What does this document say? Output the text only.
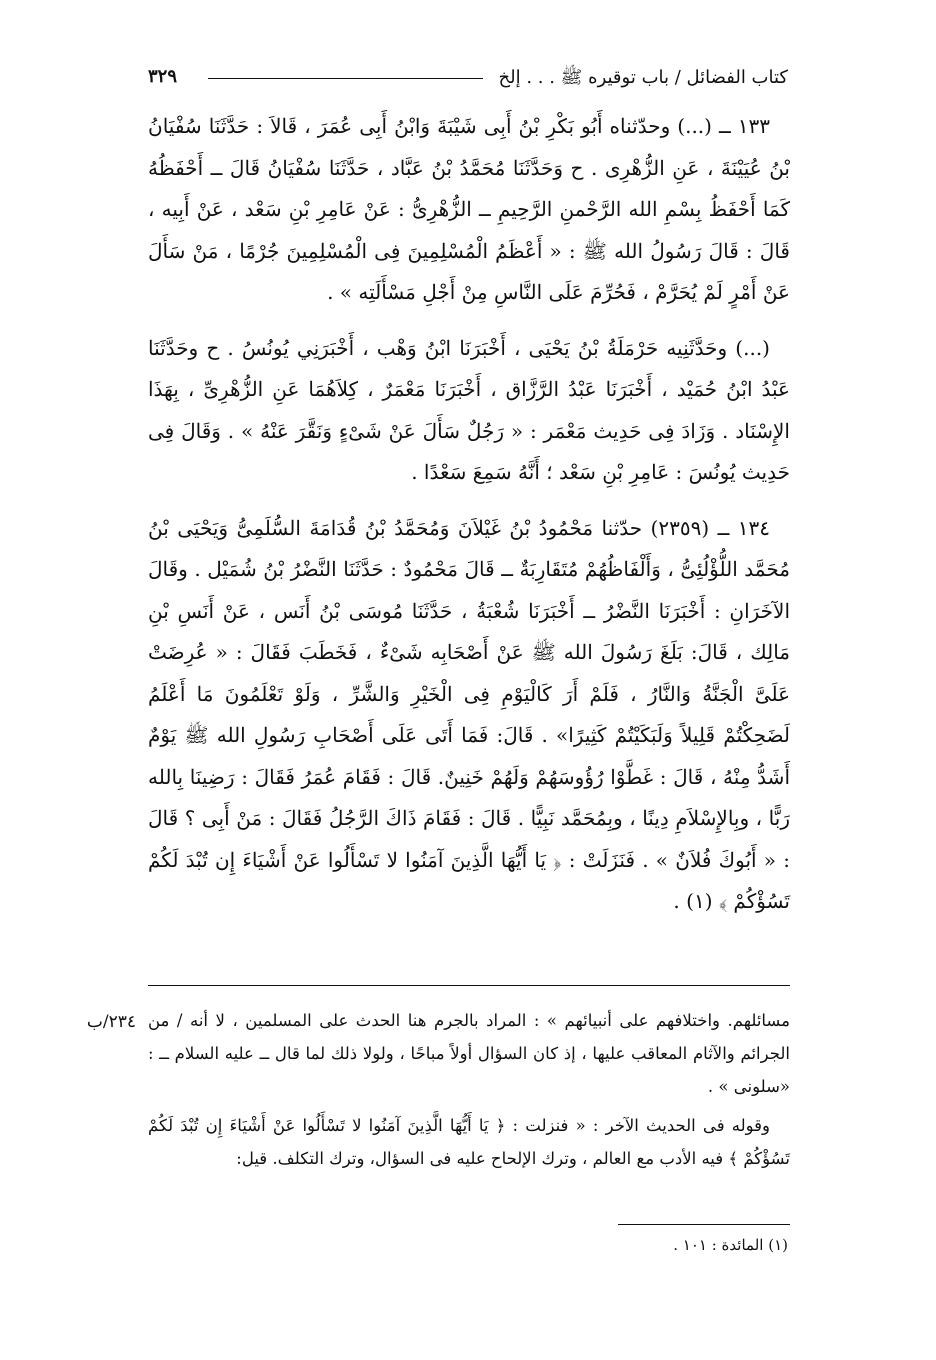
كتاب الفضائل / باب توقيره ﷺ . . . إلخ
٣٢٩

١٣٣ ــ (...) وحدّثناه أَبُو بَكْرِ بْنُ أَبِى شَيْبَةَ وَابْنُ أَبِى عُمَرَ ، قَالاَ : حَدَّثَنَا سُفْيَانُ بْنُ عُيَيْنَةَ ، عَنِ الزُّهْرِى . ح وَحَدَّثَنَا مُحَمَّدُ بْنُ عَبَّاد ، حَدَّثَنَا سُفْيَانُ قَالَ ــ أَحْفَظُهُ كَمَا أَحْفَظُ بِسْمِ الله الرَّحْمنِ الرَّحِيمِ ــ الزُّهْرِىُّ : عَنْ عَامِرِ بْنِ سَعْد ، عَنْ أَبِيه ، قَالَ : قَالَ رَسُولُ الله ﷺ : « أَعْظَمُ الْمُسْلِمِينَ فِى الْمُسْلِمِينَ جُرْمًا ، مَنْ سَأَلَ عَنْ أَمْرٍ لَمْ يُحَرَّمْ ، فَحُرِّمَ عَلَى النَّاسِ مِنْ أَجْلِ مَسْأَلَتِه » .

(...) وحَدَّثَنِيه حَرْمَلَةُ بْنُ يَحْيَى ، أَخْبَرَنَا ابْنُ وَهْب ، أَخْبَرَنِي يُونُسُ . ح وحَدَّثَنَا عَبْدُ ابْنُ حُمَيْد ، أَخْبَرَنَا عَبْدُ الرَّزَّاق ، أَخْبَرَنَا مَعْمَرٌ ، كِلاَهُمَا عَنِ الزُّهْرِىِّ ، بِهَذَا الإِسْنَاد . وَزَادَ فِى حَدِيث مَعْمَر : « رَجُلٌ سَأَلَ عَنْ شَىْءٍ وَنَقَّرَ عَنْهُ » . وَقَالَ فِى حَدِيث يُونُسَ : عَامِرِ بْنِ سَعْد ؛ أَنَّهُ سَمِعَ سَعْدًا .

١٣٤ ــ (٢٣٥٩) حدّثنا مَحْمُودُ بْنُ غَيْلاَنَ وَمُحَمَّدُ بْنُ قُدَامَةَ السُّلَمِىُّ وَيَحْيَى بْنُ مُحَمَّد اللُّؤْلُئِىُّ ، وَأَلْفَاظُهُمْ مُتَقَارِبَةٌ ــ قَالَ مَحْمُودٌ : حَدَّثَنَا النَّضْرُ بْنُ شُمَيْل . وقَالَ الآخَرَانِ : أَخْبَرَنَا النَّضْرُ ــ أَخْبَرَنَا شُعْبَةُ ، حَدَّثَنَا مُوسَى بْنُ أَنَس ، عَنْ أَنَسِ بْنِ مَالِك ، قَالَ: بَلَغَ رَسُولَ الله ﷺ عَنْ أَصْحَابِه شَىْءٌ ، فَخَطَبَ فَقَالَ : « عُرِضَتْ عَلَىَّ الْجَنَّةُ وَالنَّارُ ، فَلَمْ أَرَ كَالْيَوْمِ فِى الْخَيْرِ وَالشَّرِّ ، وَلَوْ تَعْلَمُونَ مَا أَعْلَمُ لَضَحِكْتُمْ قَلِيلاً وَلَبَكَيْتُمْ كَثِيرًا» . قَالَ: فَمَا أَتَى عَلَى أَصْحَابِ رَسُولِ الله ﷺ يَوْمٌ أَشَدُّ مِنْهُ ، قَالَ : غَطَّوْا رُؤُوسَهُمْ وَلَهُمْ خَنِينٌ. قَالَ : فَقَامَ عُمَرُ فَقَالَ : رَضِينَا بِالله رَبًّا ، وبِالإِسْلاَمِ دِينًا ، وبِمُحَمَّد نَبِيًّا . قَالَ : فَقَامَ ذَاكَ الرَّجُلُ فَقَالَ : مَنْ أَبِى ؟ قَالَ : « أَبُوكَ فُلاَنٌ » . فَنَزَلَتْ : ﴿ يَا أَيُّهَا الَّذِينَ آمَنُوا لا تَسْأَلُوا عَنْ أَشْيَاءَ إِن تُبْدَ لَكُمْ تَسُؤْكُمْ ﴾ (١) .

٢٣٤/ب مسائلهم. واختلافهم على أنبيائهم » : المراد بالجرم هنا الحدث على المسلمين ، لا أنه / من الجرائم والآثام المعاقب عليها ، إذ كان السؤال أولاً مباحًا ، ولولا ذلك لما قال ــ عليه السلام ــ : «سلونى » .

وقوله فى الحديث الآخر : « فنزلت : ﴿ يَا أَيُّهَا الَّذِينَ آمَنُوا لا تَسْأَلُوا عَنْ أَشْيَاءَ إِن تُبْدَ لَكُمْ تَسُؤْكُمْ ﴾ فيه الأدب مع العالم ، وترك الإلحاح عليه فى السؤال، وترك التكلف. قيل:

(١) المائدة : ١٠١ .
